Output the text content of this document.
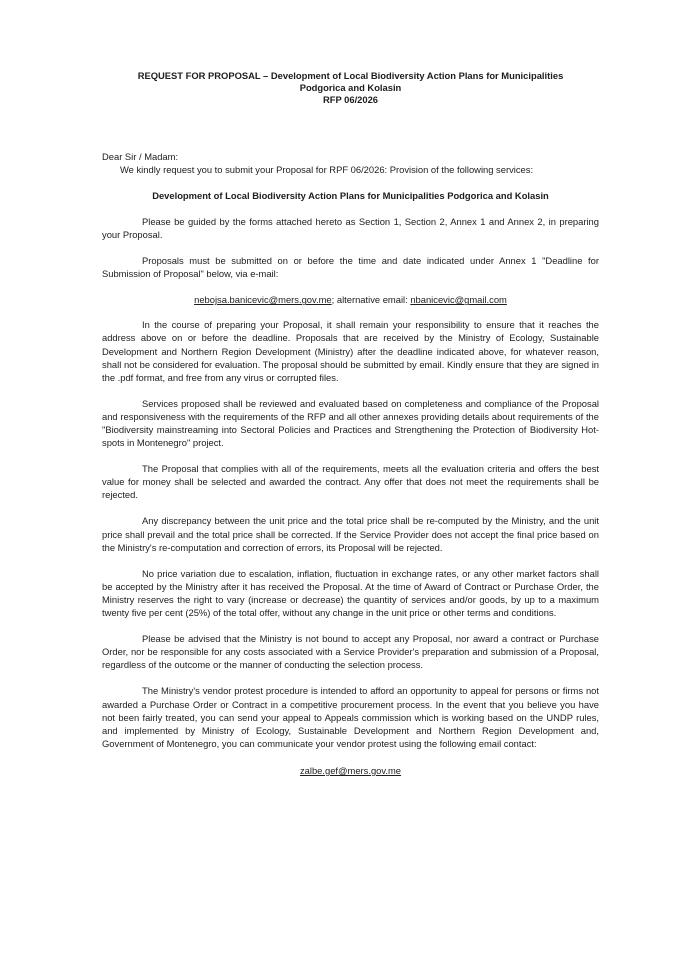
REQUEST FOR PROPOSAL – Development of Local Biodiversity Action Plans for Municipalities
Podgorica and Kolasin
RFP 06/2026
Dear Sir / Madam:
We kindly request you to submit your Proposal for RPF 06/2026: Provision of the following services:
Development of Local Biodiversity Action Plans for Municipalities Podgorica and Kolasin

Please be guided by the forms attached hereto as Section 1, Section 2, Annex 1 and Annex 2, in preparing your Proposal.

Proposals must be submitted on or before the time and date indicated under Annex 1 "Deadline for Submission of Proposal" below, via e-mail:

nebojsa.banicevic@mers.gov.me; alternative email: nbanicevic@gmail.com

In the course of preparing your Proposal, it shall remain your responsibility to ensure that it reaches the address above on or before the deadline. Proposals that are received by the Ministry of Ecology, Sustainable Development and Northern Region Development (Ministry) after the deadline indicated above, for whatever reason, shall not be considered for evaluation. The proposal should be submitted by email. Kindly ensure that they are signed in the .pdf format, and free from any virus or corrupted files.

Services proposed shall be reviewed and evaluated based on completeness and compliance of the Proposal and responsiveness with the requirements of the RFP and all other annexes providing details about requirements of the "Biodiversity mainstreaming into Sectoral Policies and Practices and Strengthening the Protection of Biodiversity Hot-spots in Montenegro" project.

The Proposal that complies with all of the requirements, meets all the evaluation criteria and offers the best value for money shall be selected and awarded the contract. Any offer that does not meet the requirements shall be rejected.

Any discrepancy between the unit price and the total price shall be re-computed by the Ministry, and the unit price shall prevail and the total price shall be corrected. If the Service Provider does not accept the final price based on the Ministry's re-computation and correction of errors, its Proposal will be rejected.

No price variation due to escalation, inflation, fluctuation in exchange rates, or any other market factors shall be accepted by the Ministry after it has received the Proposal. At the time of Award of Contract or Purchase Order, the Ministry reserves the right to vary (increase or decrease) the quantity of services and/or goods, by up to a maximum twenty five per cent (25%) of the total offer, without any change in the unit price or other terms and conditions.

Please be advised that the Ministry is not bound to accept any Proposal, nor award a contract or Purchase Order, nor be responsible for any costs associated with a Service Provider's preparation and submission of a Proposal, regardless of the outcome or the manner of conducting the selection process.

The Ministry's vendor protest procedure is intended to afford an opportunity to appeal for persons or firms not awarded a Purchase Order or Contract in a competitive procurement process. In the event that you believe you have not been fairly treated, you can send your appeal to Appeals commission which is working based on the UNDP rules, and implemented by Ministry of Ecology, Sustainable Development and Northern Region Development and, Government of Montenegro, you can communicate your vendor protest using the following email contact:

zalbe.gef@mers.gov.me
